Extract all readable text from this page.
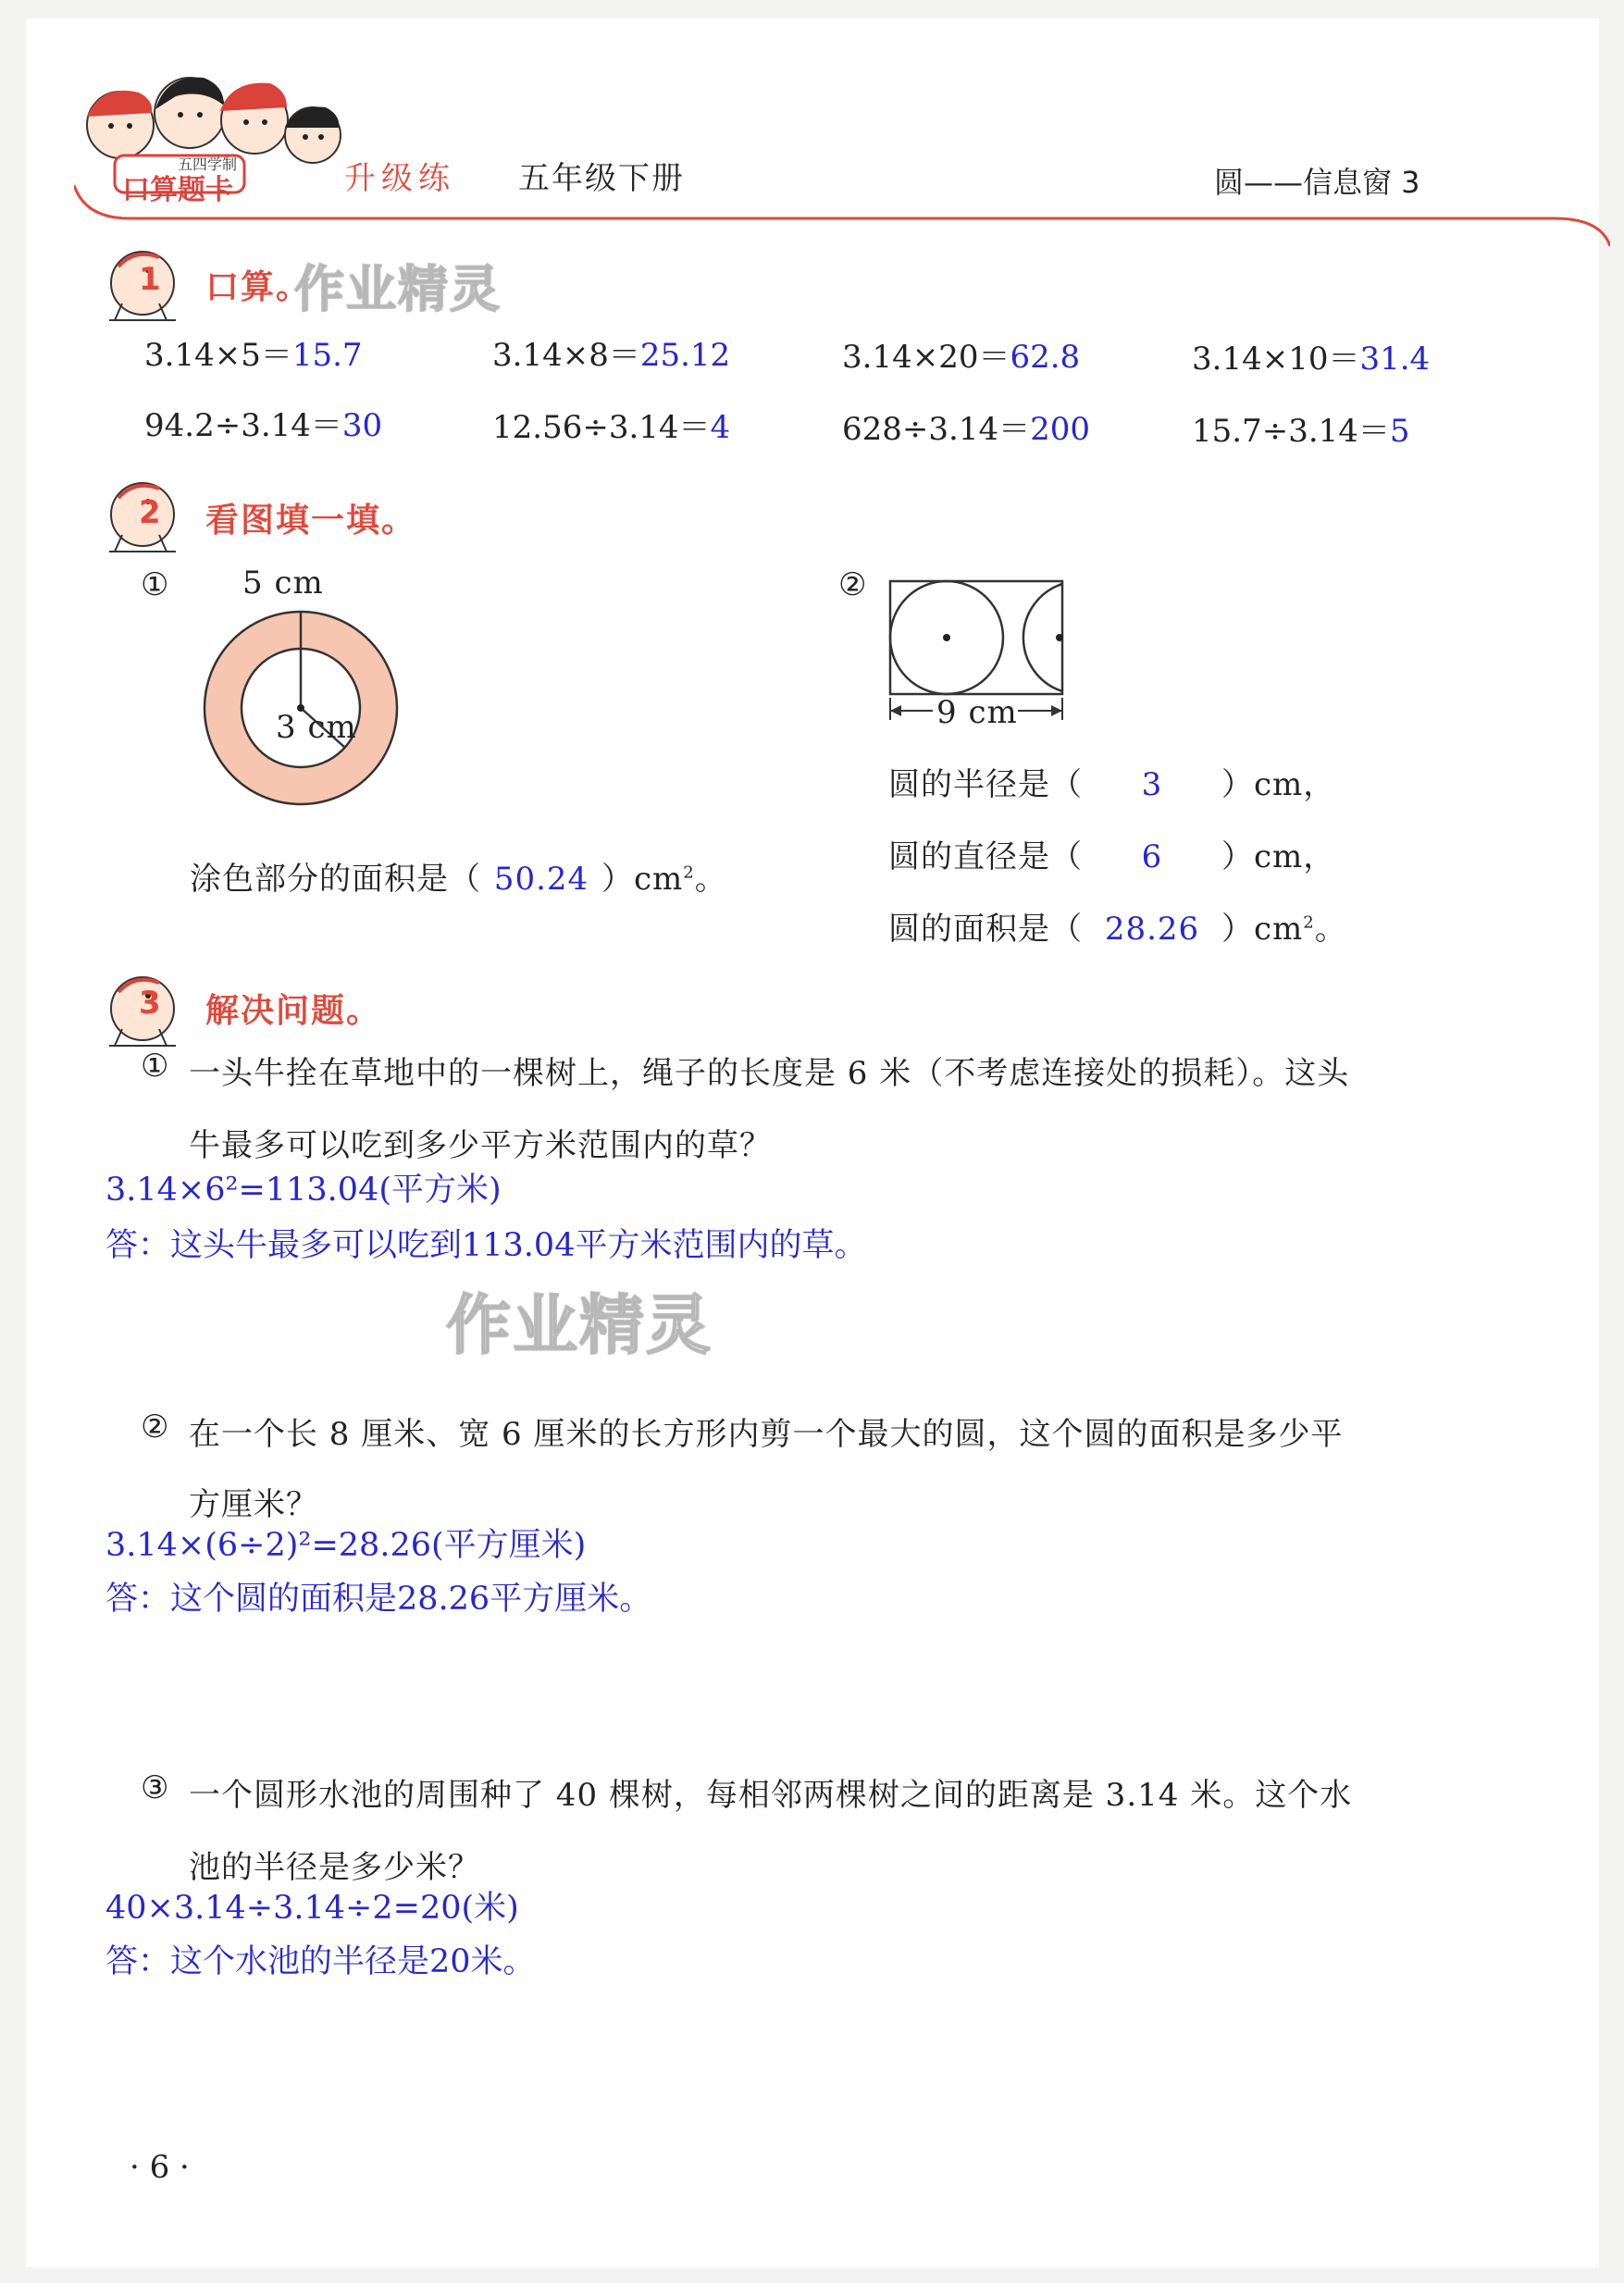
五四学制
口算题卡	升级练 五年级下册	圆——信息窗 3
1 口算。
作业精灵
3.14×5＝15.7	3.14×8＝25.12	3.14×20＝62.8	3.14×10＝31.4
94.2÷3.14＝30	12.56÷3.14＝4	628÷3.14＝200	15.7÷3.14＝5
2 看图填一填。
① 5 cm
3 cm
涂色部分的面积是（ 50.24 ）$cm^2$。
②
9 cm
圆的半径是（ 3 ）cm，
圆的直径是（ 6 ）cm，
圆的面积是（ 28.26 ）$cm^2$。
3 解决问题。
① 一头牛拴在草地中的一棵树上，绳子的长度是 6 米（不考虑连接处的损耗）。这头
牛最多可以吃到多少平方米范围内的草？
3.14×6²=113.04(平方米)
答：这头牛最多可以吃到113.04平方米范围内的草。
作业精灵
② 在一个长 8 厘米、宽 6 厘米的长方形内剪一个最大的圆，这个圆的面积是多少平
方厘米？
3.14×(6÷2)²=28.26(平方厘米)
答：这个圆的面积是28.26平方厘米。
③ 一个圆形水池的周围种了 40 棵树，每相邻两棵树之间的距离是 3.14 米。这个水
池的半径是多少米？
40×3.14÷3.14÷2=20(米)
答：这个水池的半径是20米。
· 6 ·
